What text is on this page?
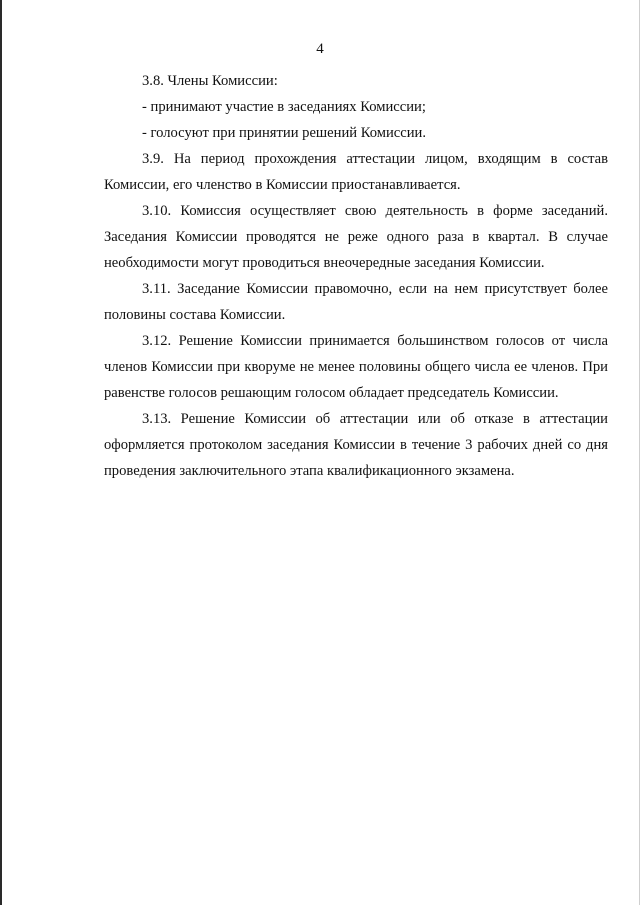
4

3.8. Члены Комиссии:

- принимают участие в заседаниях Комиссии;

- голосуют при принятии решений Комиссии.

3.9. На период прохождения аттестации лицом, входящим в состав Комиссии, его членство в Комиссии приостанавливается.

3.10. Комиссия осуществляет свою деятельность в форме заседаний. Заседания Комиссии проводятся не реже одного раза в квартал. В случае необходимости могут проводиться внеочередные заседания Комиссии.

3.11. Заседание Комиссии правомочно, если на нем присутствует более половины состава Комиссии.

3.12. Решение Комиссии принимается большинством голосов от числа членов Комиссии при кворуме не менее половины общего числа ее членов. При равенстве голосов решающим голосом обладает председатель Комиссии.

3.13. Решение Комиссии об аттестации или об отказе в аттестации оформляется протоколом заседания Комиссии в течение 3 рабочих дней со дня проведения заключительного этапа квалификационного экзамена.
